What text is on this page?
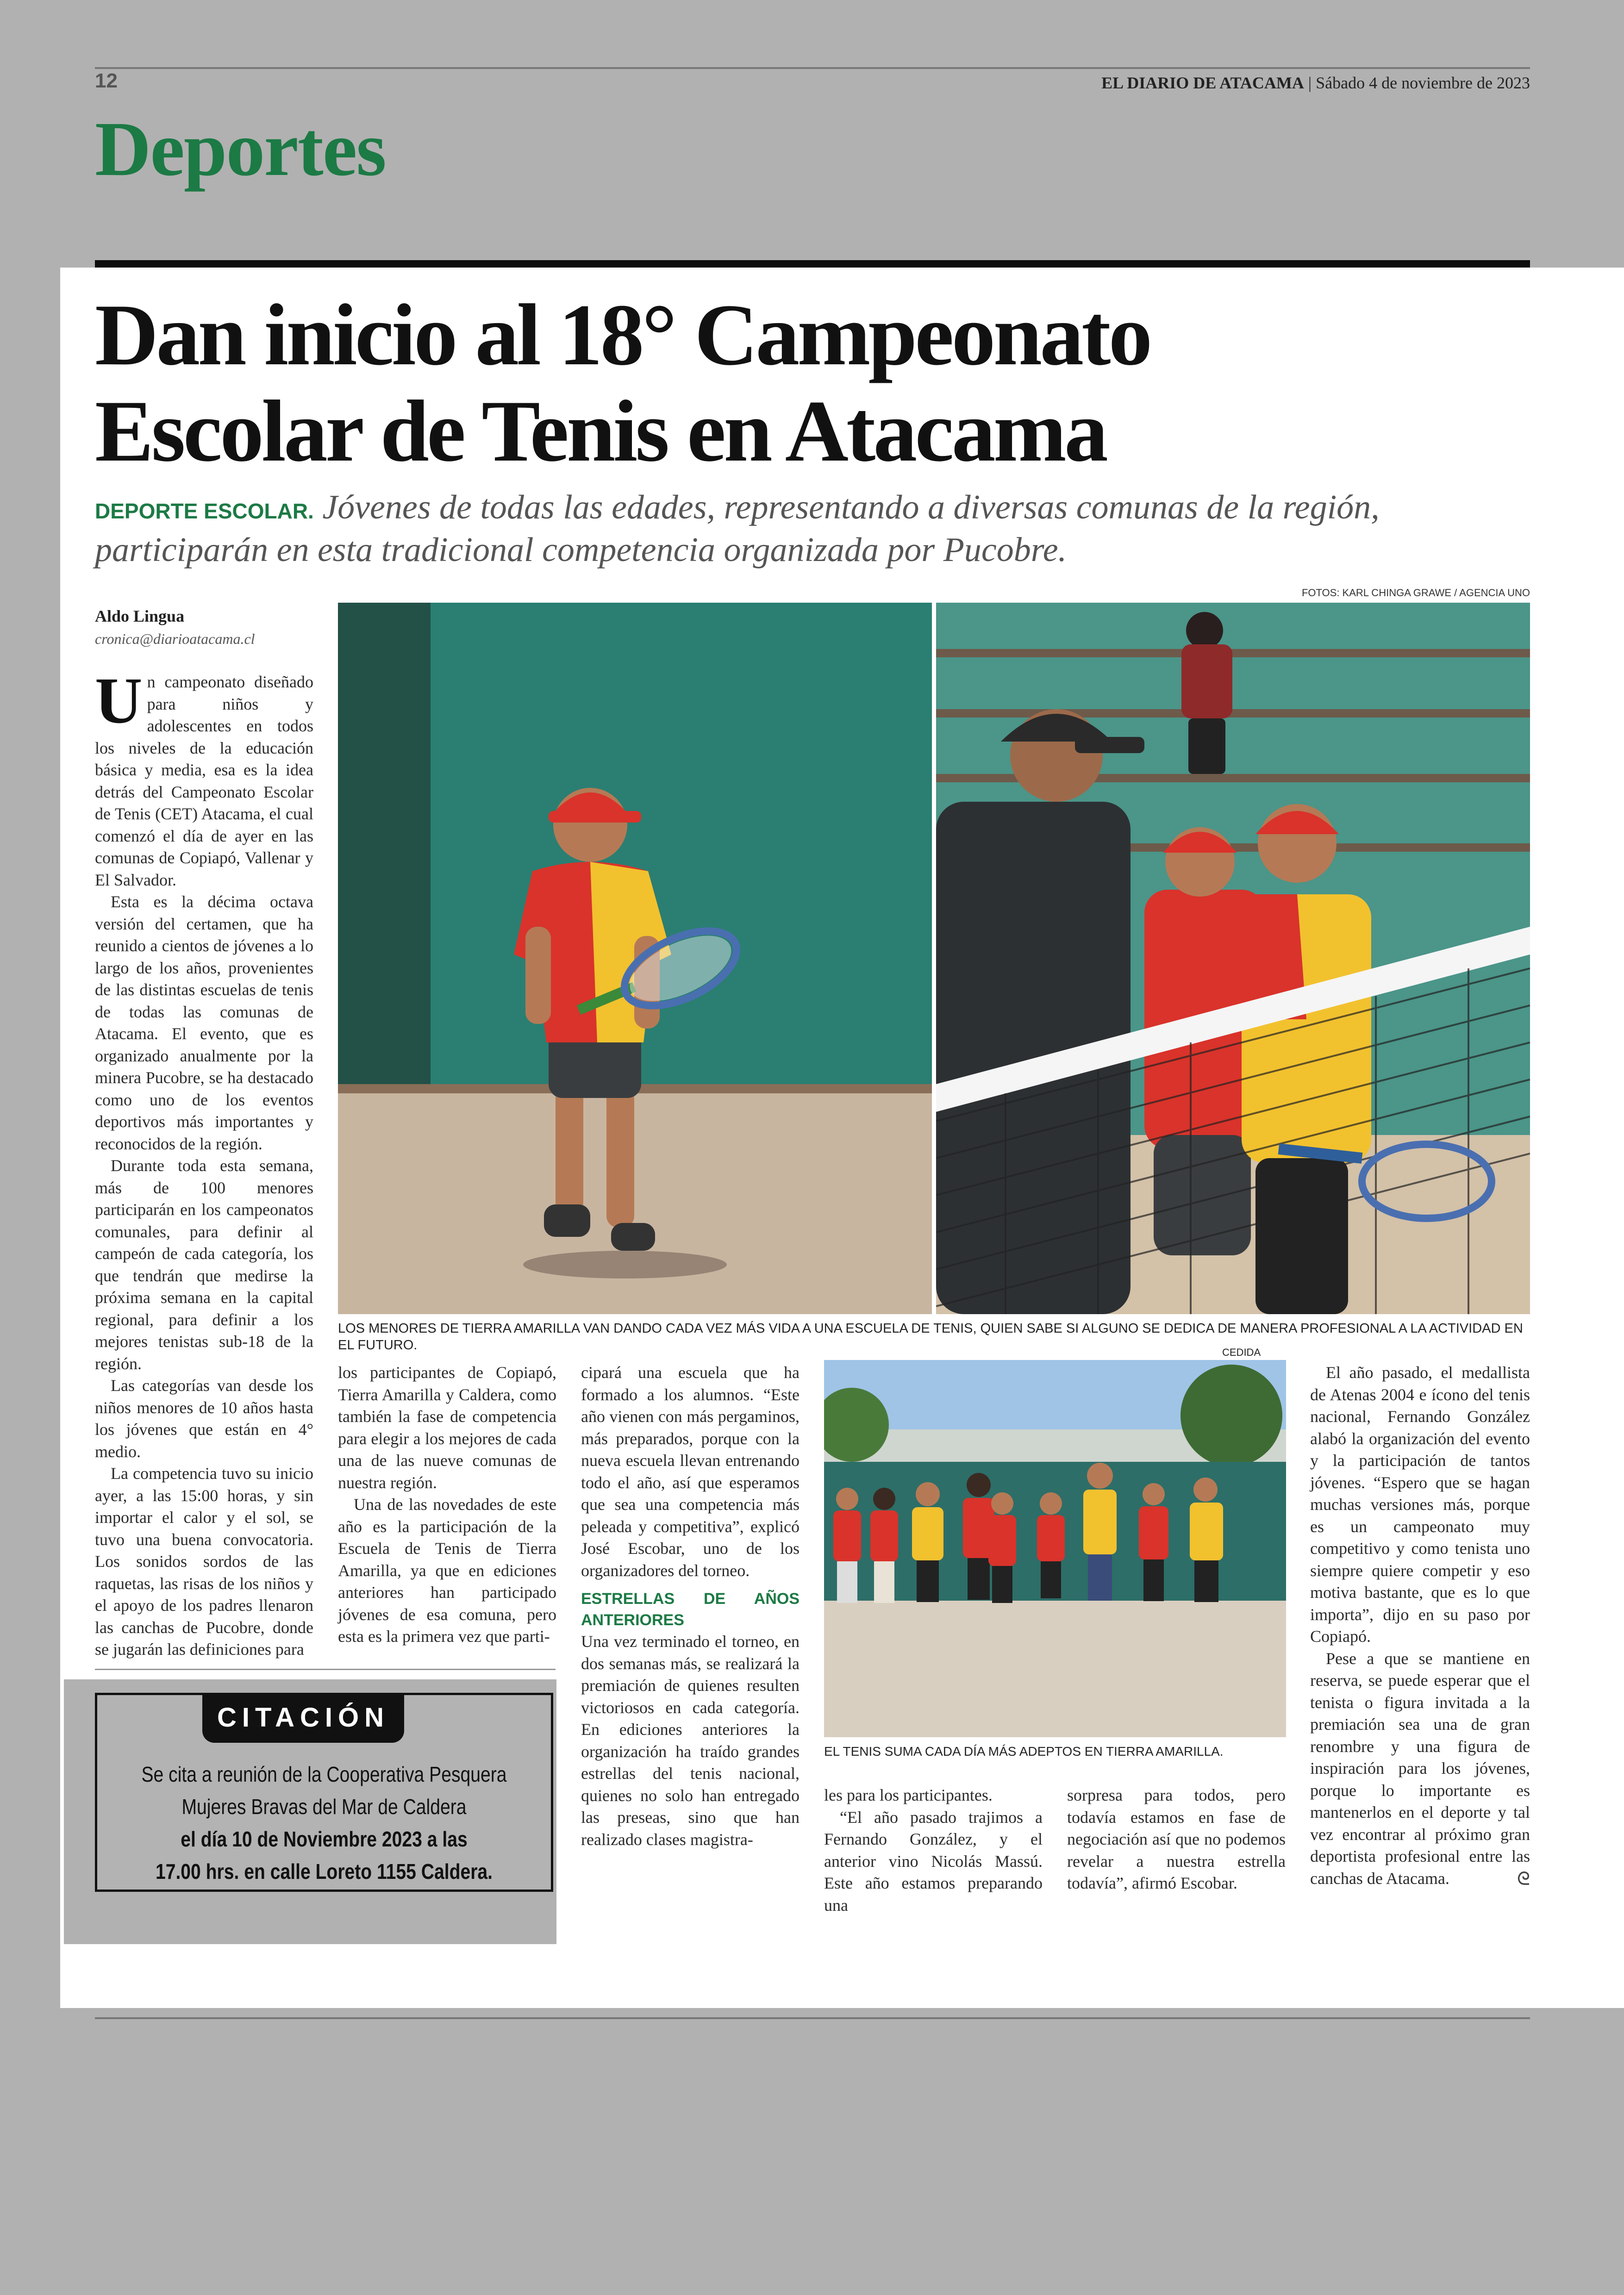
12	EL DIARIO DE ATACAMA | Sábado 4 de noviembre de 2023
Deportes
Dan inicio al 18° Campeonato
Escolar de Tenis en Atacama
DEPORTE ESCOLAR. Jóvenes de todas las edades, representando a diversas comunas de la región, participarán en esta tradicional competencia organizada por Pucobre.
FOTOS: KARL CHINGA GRAWE / AGENCIA UNO
Aldo Lingua
cronica@diarioatacama.cl
LOS MENORES DE TIERRA AMARILLA VAN DANDO CADA VEZ MÁS VIDA A UNA ESCUELA DE TENIS, QUIEN SABE SI ALGUNO SE DEDICA DE MANERA PROFESIONAL A LA ACTIVIDAD EN EL FUTURO.

Un campeonato diseñado para niños y adolescentes en todos los niveles de la educación básica y media, esa es la idea detrás del Campeonato Escolar de Tenis (CET) Atacama, el cual comenzó el día de ayer en las comunas de Copiapó, Vallenar y El Salvador.

Esta es la décima octava versión del certamen, que ha reunido a cientos de jóvenes a lo largo de los años, provenientes de las distintas escuelas de tenis de todas las comunas de Atacama. El evento, que es organizado anualmente por la minera Pucobre, se ha destacado como uno de los eventos deportivos más importantes y reconocidos de la región.

Durante toda esta semana, más de 100 menores participarán en los campeonatos comunales, para definir al campeón de cada categoría, los que tendrán que medirse la próxima semana en la capital regional, para definir a los mejores tenistas sub-18 de la región.

Las categorías van desde los niños menores de 10 años hasta los jóvenes que están en 4° medio.

La competencia tuvo su inicio ayer, a las 15:00 horas, y sin importar el calor y el sol, se tuvo una buena convocatoria. Los sonidos sordos de las raquetas, las risas de los niños y el apoyo de los padres llenaron las canchas de Pucobre, donde se jugarán las definiciones para

los participantes de Copiapó, Tierra Amarilla y Caldera, como también la fase de competencia para elegir a los mejores de cada una de las nueve comunas de nuestra región.

Una de las novedades de este año es la participación de la Escuela de Tenis de Tierra Amarilla, ya que en ediciones anteriores han participado jóvenes de esa comuna, pero esta es la primera vez que parti-

cipará una escuela que ha formado a los alumnos. “Este año vienen con más pergaminos, más preparados, porque con la nueva escuela llevan entrenando todo el año, así que esperamos que sea una competencia más peleada y competitiva”, explicó José Escobar, uno de los organizadores del torneo.

ESTRELLAS DE AÑOS ANTERIORES

Una vez terminado el torneo, en dos semanas más, se realizará la premiación de quienes resulten victoriosos en cada categoría. En ediciones anteriores la organización ha traído grandes estrellas del tenis nacional, quienes no solo han entregado las preseas, sino que han realizado clases magistra-

CEDIDA
EL TENIS SUMA CADA DÍA MÁS ADEPTOS EN TIERRA AMARILLA.

les para los participantes.

“El año pasado trajimos a Fernando González, y el anterior vino Nicolás Massú. Este año estamos preparando una

sorpresa para todos, pero todavía estamos en fase de negociación así que no podemos revelar a nuestra estrella todavía”, afirmó Escobar.

El año pasado, el medallista de Atenas 2004 e ícono del tenis nacional, Fernando González alabó la organización del evento y la participación de tantos jóvenes. “Espero que se hagan muchas versiones más, porque es un campeonato muy competitivo y como tenista uno siempre quiere competir y eso motiva bastante, que es lo que importa”, dijo en su paso por Copiapó.

Pese a que se mantiene en reserva, se puede esperar que el tenista o figura invitada a la premiación sea una de gran renombre y una figura de inspiración para los jóvenes, porque lo importante es mantenerlos en el deporte y tal vez encontrar al próximo gran deportista profesional entre las canchas de Atacama.	ᘓ

CITACIÓN
Se cita a reunión de la Cooperativa Pesquera
Mujeres Bravas del Mar de Caldera
el día 10 de Noviembre 2023 a las
17.00 hrs. en calle Loreto 1155 Caldera.
